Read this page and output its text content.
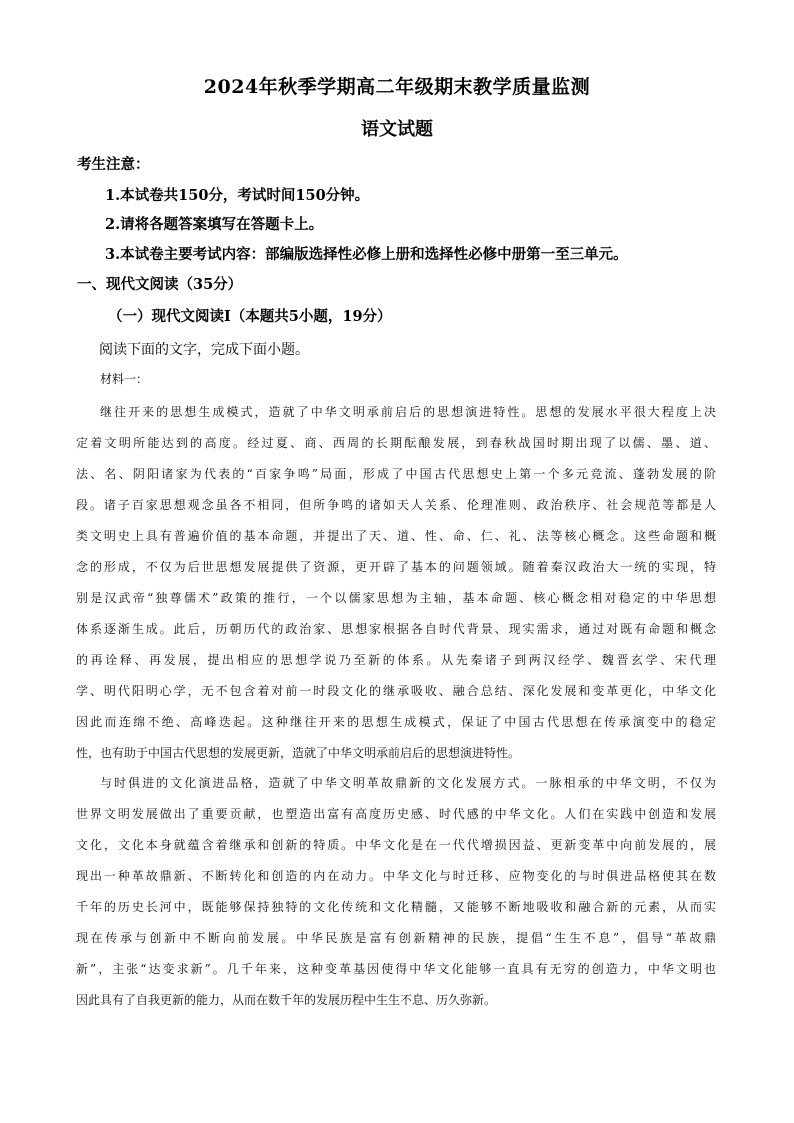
2024年秋季学期高二年级期末教学质量监测
语文试题
考生注意：
1.本试卷共150分，考试时间150分钟。
2.请将各题答案填写在答题卡上。
3.本试卷主要考试内容：部编版选择性必修上册和选择性必修中册第一至三单元。
一、现代文阅读（35分）
（一）现代文阅读Ⅰ（本题共5小题，19分）
阅读下面的文字，完成下面小题。
材料一：
继往开来的思想生成模式，造就了中华文明承前启后的思想演进特性。思想的发展水平很大程度上决
定着文明所能达到的高度。经过夏、商、西周的长期酝酿发展，到春秋战国时期出现了以儒、墨、道、
法、名、阴阳诸家为代表的“百家争鸣”局面，形成了中国古代思想史上第一个多元竞流、蓬勃发展的阶
段。诸子百家思想观念虽各不相同，但所争鸣的诸如天人关系、伦理准则、政治秩序、社会规范等都是人
类文明史上具有普遍价值的基本命题，并提出了天、道、性、命、仁、礼、法等核心概念。这些命题和概
念的形成，不仅为后世思想发展提供了资源，更开辟了基本的问题领域。随着秦汉政治大一统的实现，特
别是汉武帝“独尊儒术”政策的推行，一个以儒家思想为主轴，基本命题、核心概念相对稳定的中华思想
体系逐渐生成。此后，历朝历代的政治家、思想家根据各自时代背景、现实需求，通过对既有命题和概念
的再诠释、再发展，提出相应的思想学说乃至新的体系。从先秦诸子到两汉经学、魏晋玄学、宋代理
学、明代阳明心学，无不包含着对前一时段文化的继承吸收、融合总结、深化发展和变革更化，中华文化
因此而连绵不绝、高峰迭起。这种继往开来的思想生成模式，保证了中国古代思想在传承演变中的稳定
性，也有助于中国古代思想的发展更新，造就了中华文明承前启后的思想演进特性。
与时俱进的文化演进品格，造就了中华文明革故鼎新的文化发展方式。一脉相承的中华文明，不仅为
世界文明发展做出了重要贡献，也塑造出富有高度历史感、时代感的中华文化。人们在实践中创造和发展
文化，文化本身就蕴含着继承和创新的特质。中华文化是在一代代增损因益、更新变革中向前发展的，展
现出一种革故鼎新、不断转化和创造的内在动力。中华文化与时迁移、应物变化的与时俱进品格使其在数
千年的历史长河中，既能够保持独特的文化传统和文化精髓，又能够不断地吸收和融合新的元素，从而实
现在传承与创新中不断向前发展。中华民族是富有创新精神的民族，提倡“生生不息”，倡导“革故鼎
新”，主张“达变求新”。几千年来，这种变革基因使得中华文化能够一直具有无穷的创造力，中华文明也
因此具有了自我更新的能力，从而在数千年的发展历程中生生不息、历久弥新。
